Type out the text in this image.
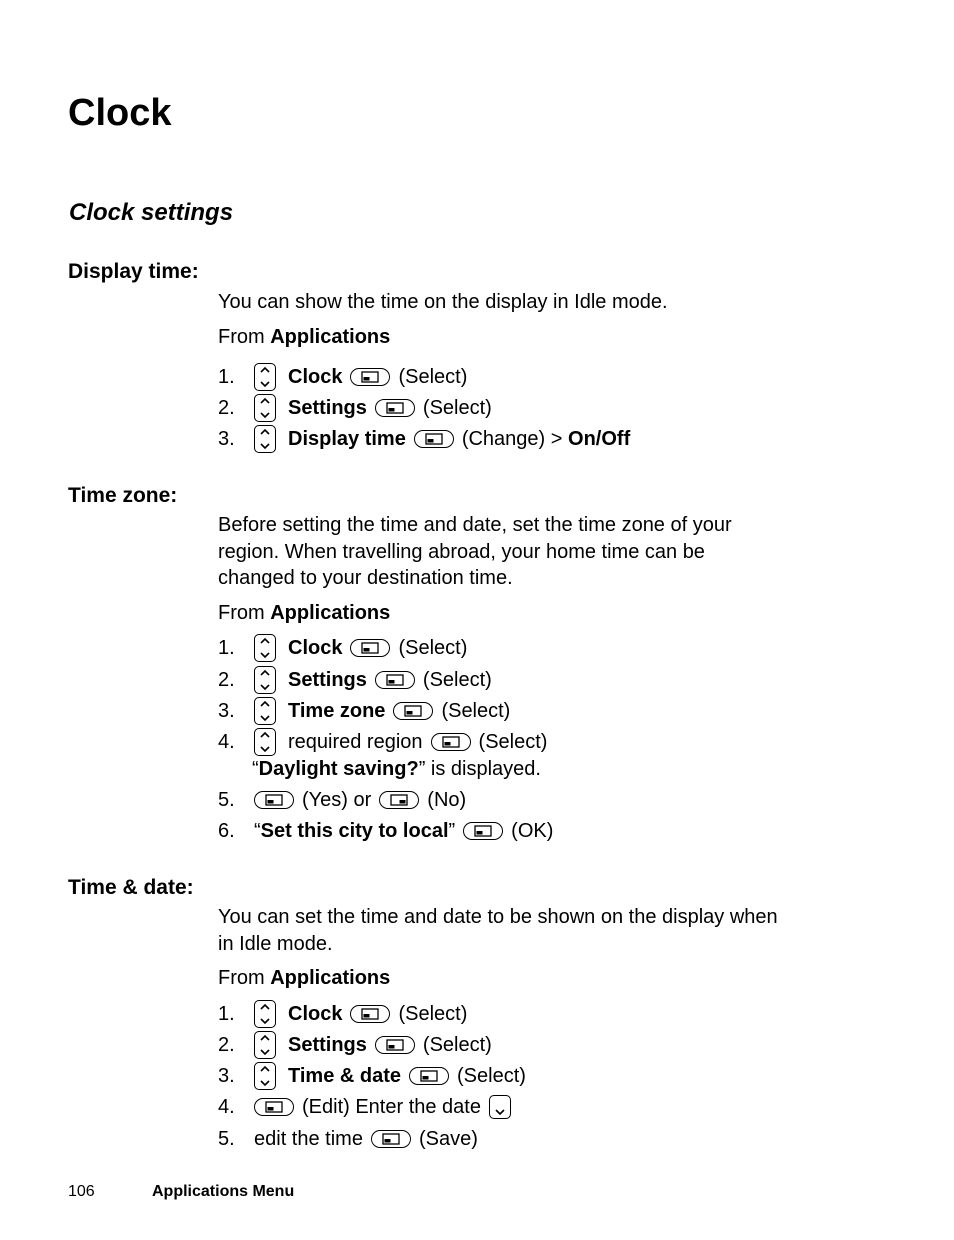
Clock
Clock settings
Display time:
You can show the time on the display in Idle mode.
From Applications
1.	Clock	(Select)
2.	Settings	(Select)
3.	Display time	(Change) >
On/Off
Time zone:
Before setting the time and date, set the time zone of your
region. When travelling abroad, your home time can be
changed to your destination time.
From Applications
1.	Clock	(Select)
2.	Settings	(Select)
3.	Time zone	(Select)
4.	required region	(Select)
“Daylight saving?” is displayed.
5.	(Yes) or	(No)
6. “ Set this city to local ”	(OK)
Time & date:
You can set the time and date to be shown on the display when
in Idle mode.
From Applications
1.	Clock	(Select)
2.	Settings	(Select)
3.	Time & date	(Select)
4.	(Edit) Enter the date
5. edit the time	(Save)
106	Applications Menu
